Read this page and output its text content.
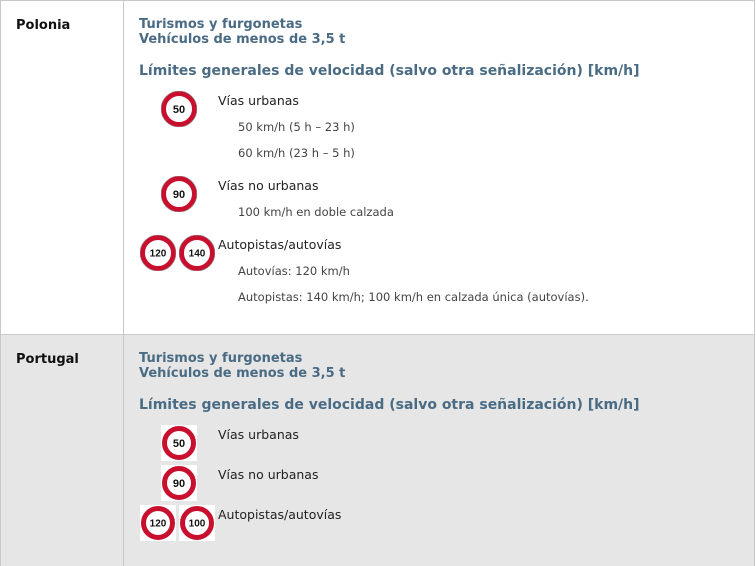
Polonia	Turismos y furgonetas
Vehículos de menos de 3,5 t
Límites generales de velocidad (salvo otra señalización) [km/h]
50
Vías urbanas
50 km/h (5 h – 23 h)
60 km/h (23 h – 5 h)
90
Vías no urbanas
100 km/h en doble calzada
120 140
Autopistas/autovías
Autovías: 120 km/h
Autopistas: 140 km/h; 100 km/h en calzada única (autovías).
Portugal	Turismos y furgonetas
Vehículos de menos de 3,5 t
Límites generales de velocidad (salvo otra señalización) [km/h]
50
Vías urbanas
90
Vías no urbanas
120 100
Autopistas/autovías
